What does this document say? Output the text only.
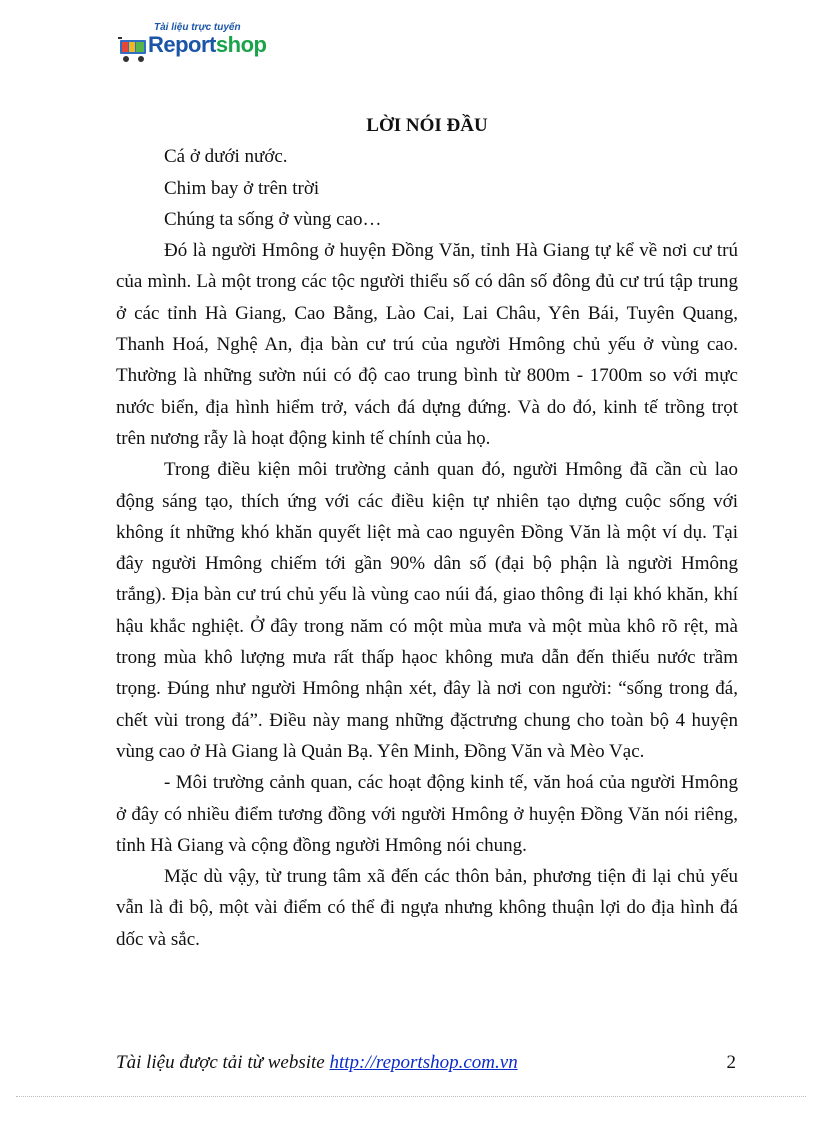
Tài liệu trực tuyến
Reportshop
LỜI NÓI ĐẦU

Cá ở dưới nước.

Chim bay ở trên trời

Chúng ta sống ở vùng cao…

Đó là người Hmông ở huyện Đồng Văn, tỉnh Hà Giang tự kể về nơi cư trú của mình. Là một trong các tộc người thiểu số có dân số đông đủ cư trú tập trung ở các tỉnh Hà Giang, Cao Bằng, Lào Cai, Lai Châu, Yên Bái, Tuyên Quang, Thanh Hoá, Nghệ An, địa bàn cư trú của người Hmông chủ yếu ở vùng cao. Thường là những sườn núi có độ cao trung bình từ 800m - 1700m so với mực nước biển, địa hình hiểm trở, vách đá dựng đứng. Và do đó, kinh tế trồng trọt trên nương rẫy là hoạt động kinh tế chính của họ.

Trong điều kiện môi trường cảnh quan đó, người Hmông đã cần cù lao động sáng tạo, thích ứng với các điều kiện tự nhiên tạo dựng cuộc sống với không ít những khó khăn quyết liệt mà cao nguyên Đồng Văn là một ví dụ. Tại đây người Hmông chiếm tới gần 90% dân số (đại bộ phận là người Hmông trắng). Địa bàn cư trú chủ yếu là vùng cao núi đá, giao thông đi lại khó khăn, khí hậu khắc nghiệt. Ở đây trong năm có một mùa mưa và một mùa khô rõ rệt, mà trong mùa khô lượng mưa rất thấp hạoc không mưa dẫn đến thiếu nước trầm trọng. Đúng như người Hmông nhận xét, đây là nơi con người: “sống trong đá, chết vùi trong đá”. Điều này mang những đặctrưng chung cho toàn bộ 4 huyện vùng cao ở Hà Giang là Quản Bạ. Yên Minh, Đồng Văn và Mèo Vạc.

- Môi trường cảnh quan, các hoạt động kinh tế, văn hoá của người Hmông ở đây có nhiều điểm tương đồng với người Hmông ở huyện Đồng Văn nói riêng, tỉnh Hà Giang và cộng đồng người Hmông nói chung.

Mặc dù vậy, từ trung tâm xã đến các thôn bản, phương tiện đi lại chủ yếu vẫn là đi bộ, một vài điểm có thể đi ngựa nhưng không thuận lợi do địa hình đá dốc và sắc.

Tài liệu được tải từ website http://reportshop.com.vn	2
